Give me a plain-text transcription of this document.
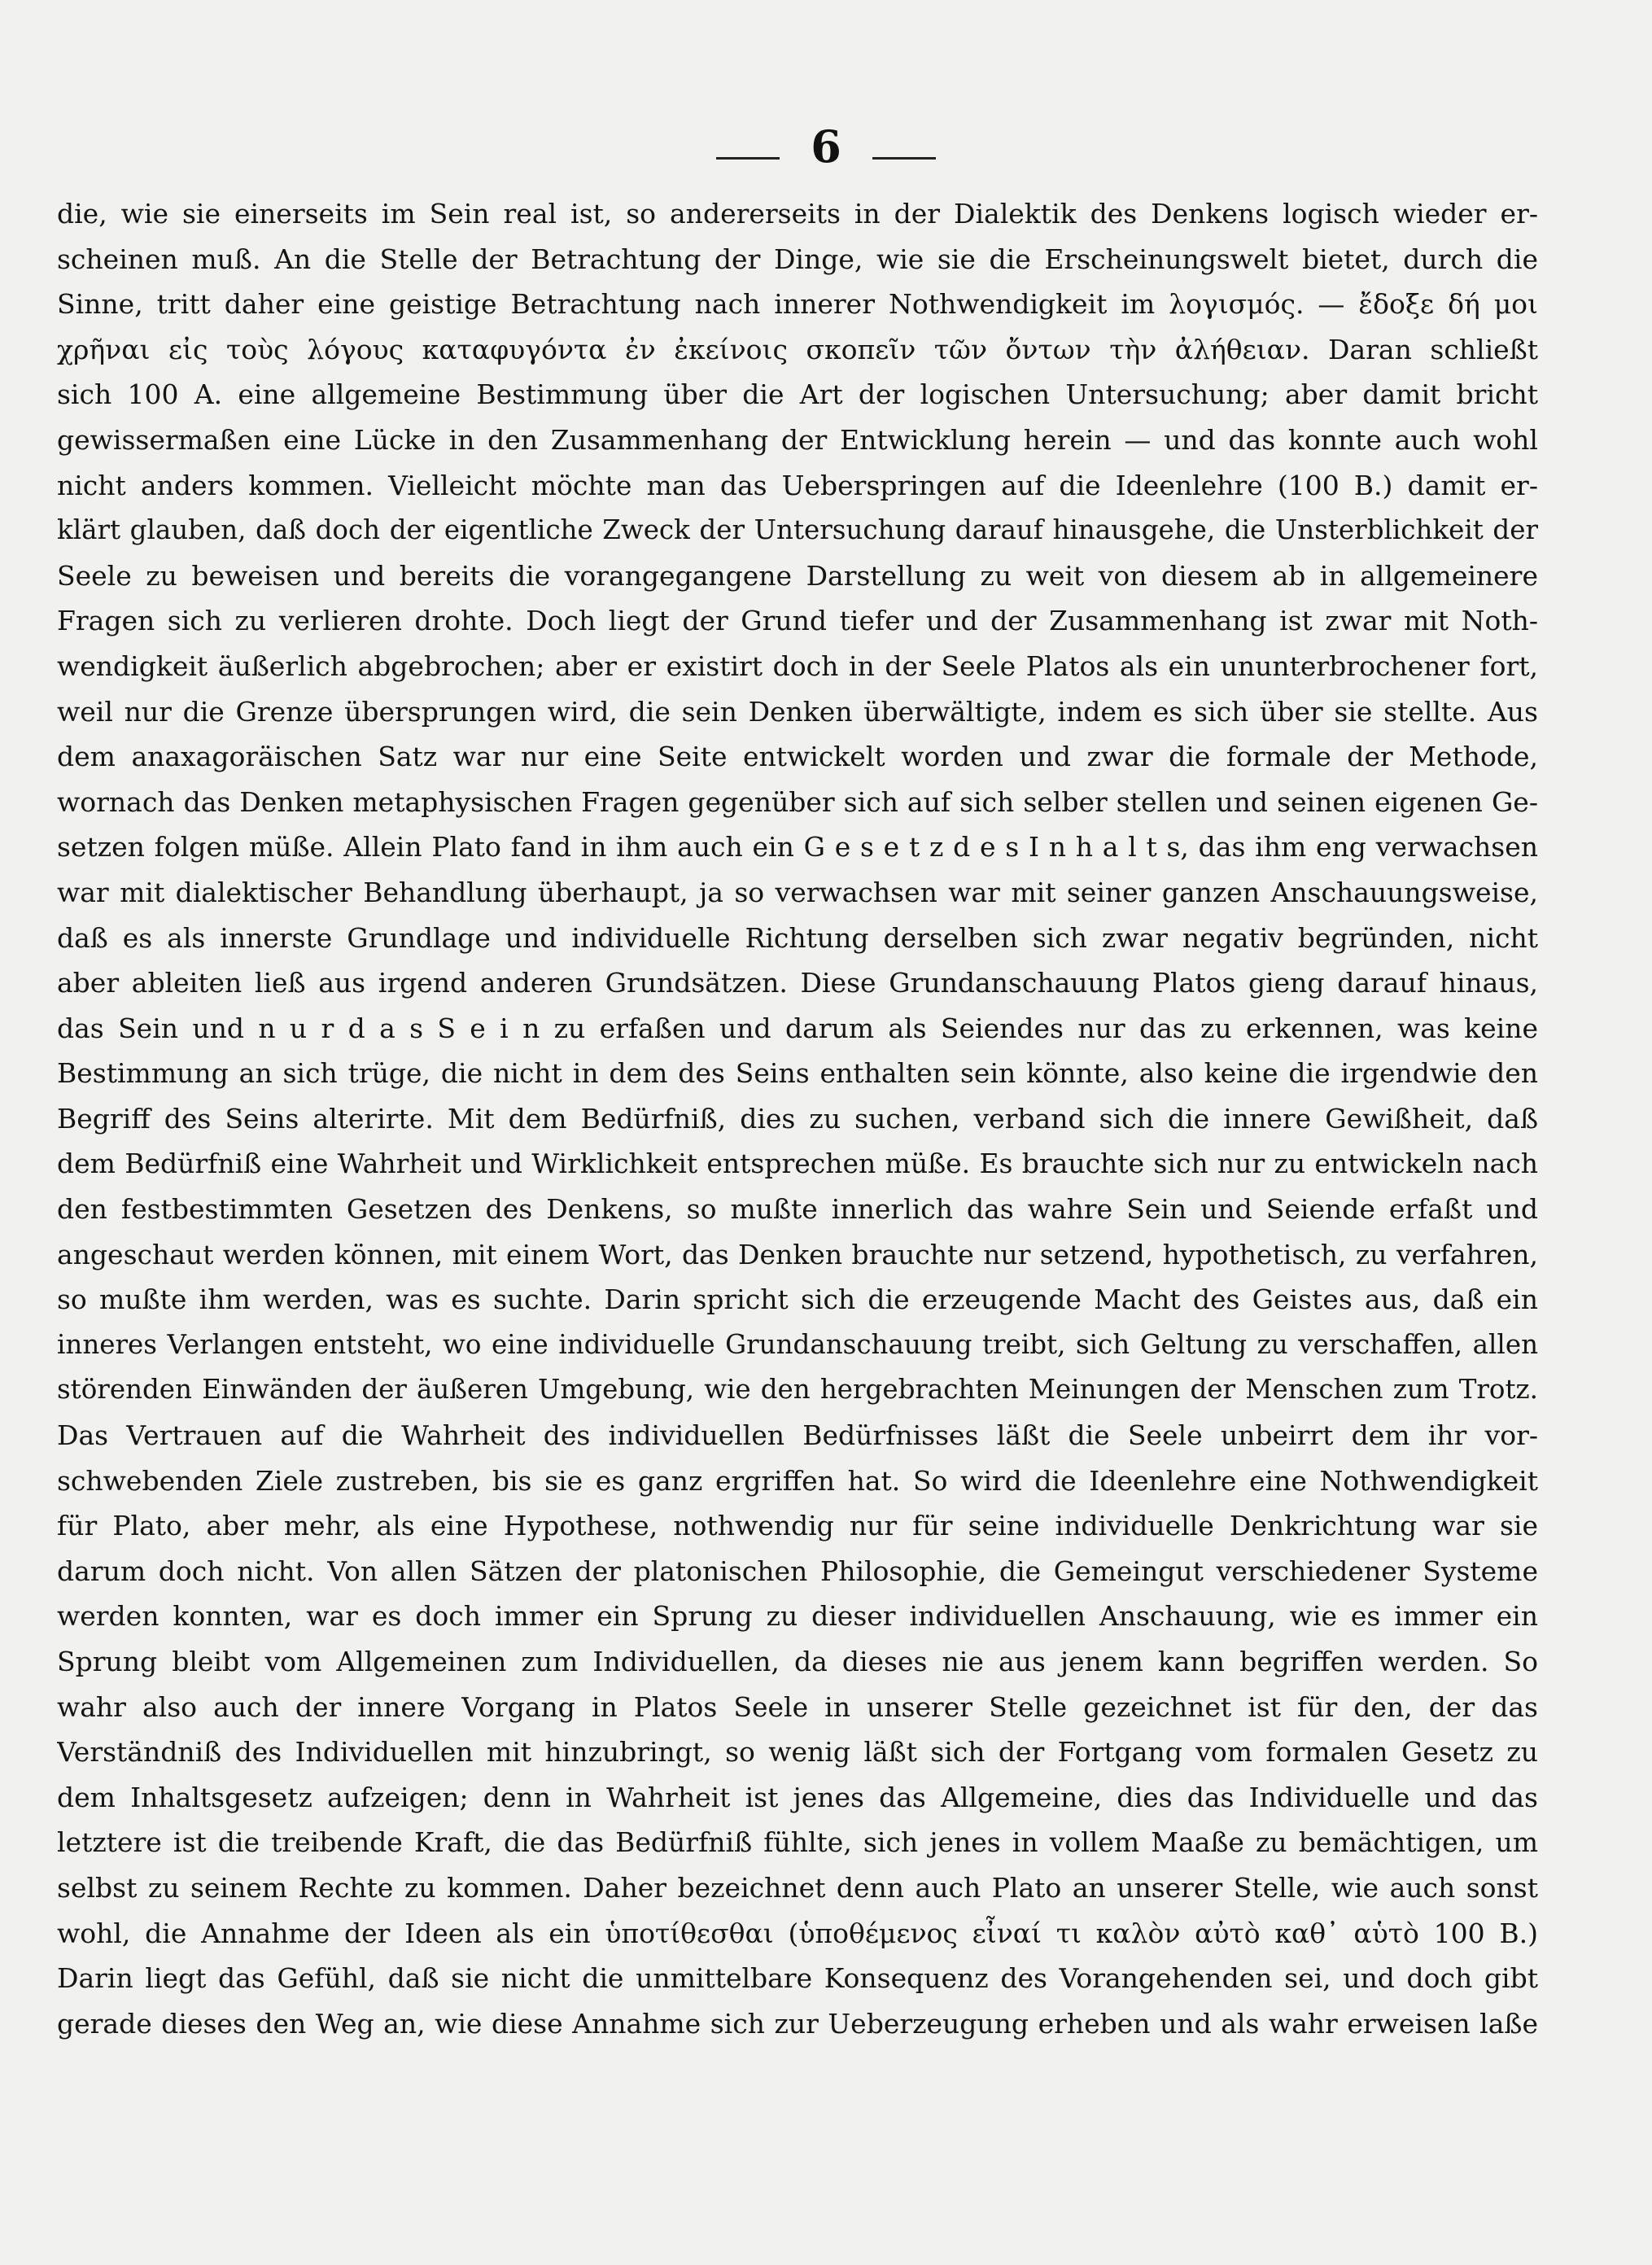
6
die, wie sie einerseits im Sein real ist, so andererseits in der Dialektik des Denkens logisch wieder er-
scheinen muß. An die Stelle der Betrachtung der Dinge, wie sie die Erscheinungswelt bietet, durch die
Sinne, tritt daher eine geistige Betrachtung nach innerer Nothwendigkeit im λογισμός. — ἔδοξε δή μοι
χρῆναι εἰς τοὺς λόγους καταφυγόντα ἐν ἐκείνοις σκοπεῖν τῶν ὄντων τὴν ἀλήθειαν. Daran schließt
sich 100 A. eine allgemeine Bestimmung über die Art der logischen Untersuchung; aber damit bricht
gewissermaßen eine Lücke in den Zusammenhang der Entwicklung herein — und das konnte auch wohl
nicht anders kommen. Vielleicht möchte man das Ueberspringen auf die Ideenlehre (100 B.) damit er-
klärt glauben, daß doch der eigentliche Zweck der Untersuchung darauf hinausgehe, die Unsterblichkeit der
Seele zu beweisen und bereits die vorangegangene Darstellung zu weit von diesem ab in allgemeinere
Fragen sich zu verlieren drohte. Doch liegt der Grund tiefer und der Zusammenhang ist zwar mit Noth-
wendigkeit äußerlich abgebrochen; aber er existirt doch in der Seele Platos als ein ununterbrochener fort,
weil nur die Grenze übersprungen wird, die sein Denken überwältigte, indem es sich über sie stellte. Aus
dem anaxagoräischen Satz war nur eine Seite entwickelt worden und zwar die formale der Methode,
wornach das Denken metaphysischen Fragen gegenüber sich auf sich selber stellen und seinen eigenen Ge-
setzen folgen müße. Allein Plato fand in ihm auch ein G e s e t z d e s I n h a l t s, das ihm eng verwachsen
war mit dialektischer Behandlung überhaupt, ja so verwachsen war mit seiner ganzen Anschauungsweise,
daß es als innerste Grundlage und individuelle Richtung derselben sich zwar negativ begründen, nicht
aber ableiten ließ aus irgend anderen Grundsätzen. Diese Grundanschauung Platos gieng darauf hinaus,
das Sein und n u r d a s S e i n zu erfaßen und darum als Seiendes nur das zu erkennen, was keine
Bestimmung an sich trüge, die nicht in dem des Seins enthalten sein könnte, also keine die irgendwie den
Begriff des Seins alterirte. Mit dem Bedürfniß, dies zu suchen, verband sich die innere Gewißheit, daß
dem Bedürfniß eine Wahrheit und Wirklichkeit entsprechen müße. Es brauchte sich nur zu entwickeln nach
den festbestimmten Gesetzen des Denkens, so mußte innerlich das wahre Sein und Seiende erfaßt und
angeschaut werden können, mit einem Wort, das Denken brauchte nur setzend, hypothetisch, zu verfahren,
so mußte ihm werden, was es suchte. Darin spricht sich die erzeugende Macht des Geistes aus, daß ein
inneres Verlangen entsteht, wo eine individuelle Grundanschauung treibt, sich Geltung zu verschaffen, allen
störenden Einwänden der äußeren Umgebung, wie den hergebrachten Meinungen der Menschen zum Trotz.
Das Vertrauen auf die Wahrheit des individuellen Bedürfnisses läßt die Seele unbeirrt dem ihr vor-
schwebenden Ziele zustreben, bis sie es ganz ergriffen hat. So wird die Ideenlehre eine Nothwendigkeit
für Plato, aber mehr, als eine Hypothese, nothwendig nur für seine individuelle Denkrichtung war sie
darum doch nicht. Von allen Sätzen der platonischen Philosophie, die Gemeingut verschiedener Systeme
werden konnten, war es doch immer ein Sprung zu dieser individuellen Anschauung, wie es immer ein
Sprung bleibt vom Allgemeinen zum Individuellen, da dieses nie aus jenem kann begriffen werden. So
wahr also auch der innere Vorgang in Platos Seele in unserer Stelle gezeichnet ist für den, der das
Verständniß des Individuellen mit hinzubringt, so wenig läßt sich der Fortgang vom formalen Gesetz zu
dem Inhaltsgesetz aufzeigen; denn in Wahrheit ist jenes das Allgemeine, dies das Individuelle und das
letztere ist die treibende Kraft, die das Bedürfniß fühlte, sich jenes in vollem Maaße zu bemächtigen, um
selbst zu seinem Rechte zu kommen. Daher bezeichnet denn auch Plato an unserer Stelle, wie auch sonst
wohl, die Annahme der Ideen als ein ὑποτίθεσθαι (ὑποθέμενος εἶναί τι καλὸν αὐτὸ καθ᾽ αὑτὸ 100 B.)
Darin liegt das Gefühl, daß sie nicht die unmittelbare Konsequenz des Vorangehenden sei, und doch gibt
gerade dieses den Weg an, wie diese Annahme sich zur Ueberzeugung erheben und als wahr erweisen laße
